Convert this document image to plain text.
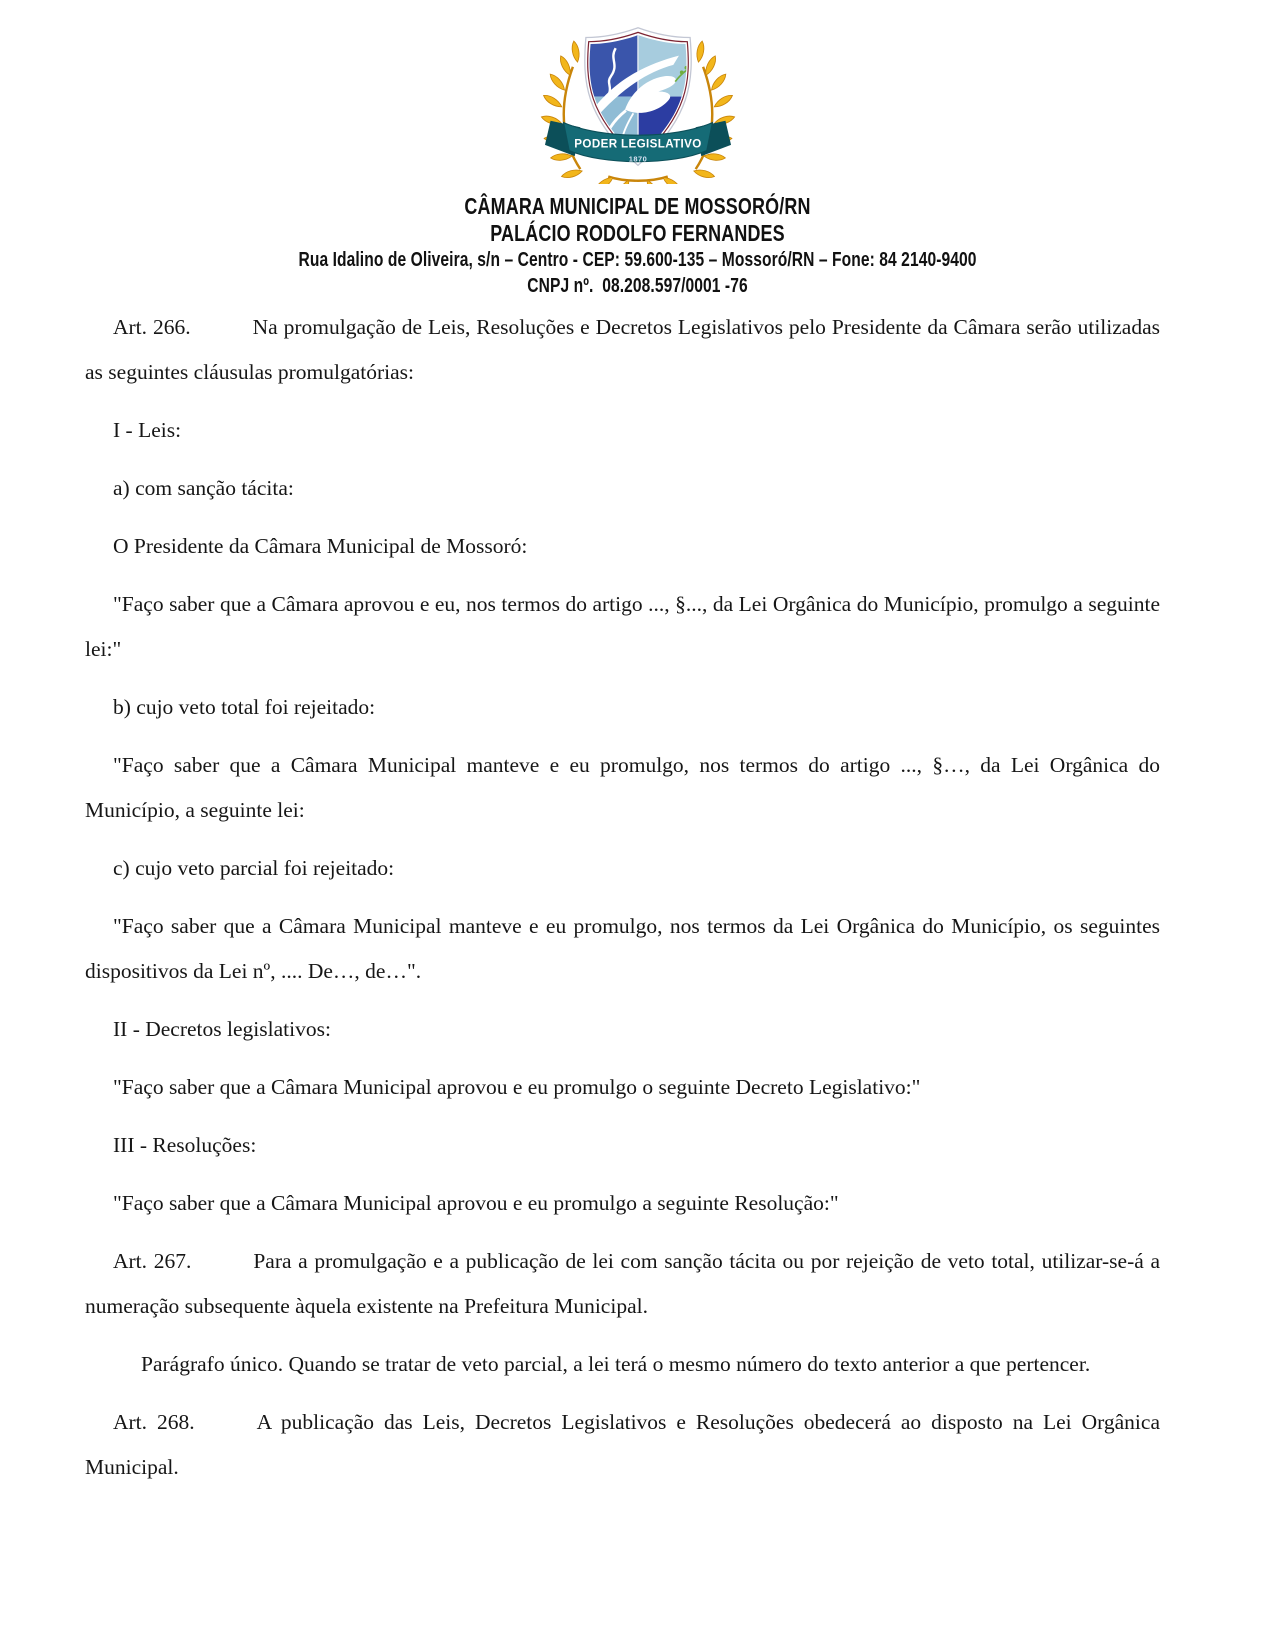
PODER LEGISLATIVO
1870
CÂMARA MUNICIPAL DE MOSSORÓ/RN
PALÁCIO RODOLFO FERNANDES
Rua Idalino de Oliveira, s/n – Centro - CEP: 59.600-135 – Mossoró/RN – Fone: 84 2140-9400
CNPJ nº.  08.208.597/0001 -76

Art. 266.	Na promulgação de Leis, Resoluções e Decretos Legislativos pelo Presidente da Câmara serão utilizadas as seguintes cláusulas promulgatórias:

I - Leis:

a) com sanção tácita:

O Presidente da Câmara Municipal de Mossoró:

"Faço saber que a Câmara aprovou e eu, nos termos do artigo ..., §..., da Lei Orgânica do Município, promulgo a seguinte lei:"

b) cujo veto total foi rejeitado:

"Faço saber que a Câmara Municipal manteve e eu promulgo, nos termos do artigo ..., §…, da Lei Orgânica do Município, a seguinte lei:

c) cujo veto parcial foi rejeitado:

"Faço saber que a Câmara Municipal manteve e eu promulgo, nos termos da Lei Orgânica do Município, os seguintes dispositivos da Lei nº, .... De…, de…".

II - Decretos legislativos:

"Faço saber que a Câmara Municipal aprovou e eu promulgo o seguinte Decreto Legislativo:"

III - Resoluções:

"Faço saber que a Câmara Municipal aprovou e eu promulgo a seguinte Resolução:"

Art. 267.	Para a promulgação e a publicação de lei com sanção tácita ou por rejeição de veto total, utilizar-se-á a numeração subsequente àquela existente na Prefeitura Municipal.

Parágrafo único. Quando se tratar de veto parcial, a lei terá o mesmo número do texto anterior a que pertencer.

Art. 268.	A publicação das Leis, Decretos Legislativos e Resoluções obedecerá ao disposto na Lei Orgânica Municipal.
